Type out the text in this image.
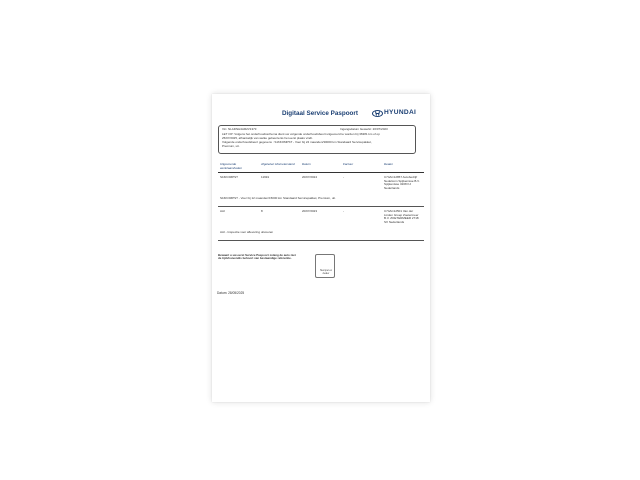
Digitaal Service Paspoort	HYUNDAI
Vin: NLADNH4AR2V1373	Ingangsdatum Gewerkt: 20/07/2023
LET OP: Volgens het onderhoudsschema dient uw volgende onderhoudsbeurt uitgevoerd te worden bij 36381 km of op
25/07/2025, afhankelijk van welke gebeurtenis het eerst plaats vindt.
Volgende onderhoudsbeurt gegevens : S16KOMPST - Voer bij 24 maanden/30000 km Standaard Servicepakket,
Premium, uit.
Uitgevoerde werkzaamheden	Afgelezen kilometerstand	Datum	Factuur	Dealer
S16KOMPST	11991	20/07/2024	-	C74AC12857 Autobedrijf Nedelcom Spijkenisse B.V. Spijkenisse 3208 KJ Nederlands
S16KOMPST - Voer bij 12 maanden/15000 km Standaard Servicepakket, Premium, uit.				
AAI	8	20/07/2023	-	C74AC12501 Van der Linden Groep Zoetermeer B.V. ZOETERMEER 2718 SX Nederlands
AAI - Inspectie voor aflevering uitvoeren				
Bewaart u uw eerst Service Paspoort zolang de auto niet de tijdsfouvendis behoort van bestaandige referentie.
Stempel en dealer
Datum: 28/05/2025
